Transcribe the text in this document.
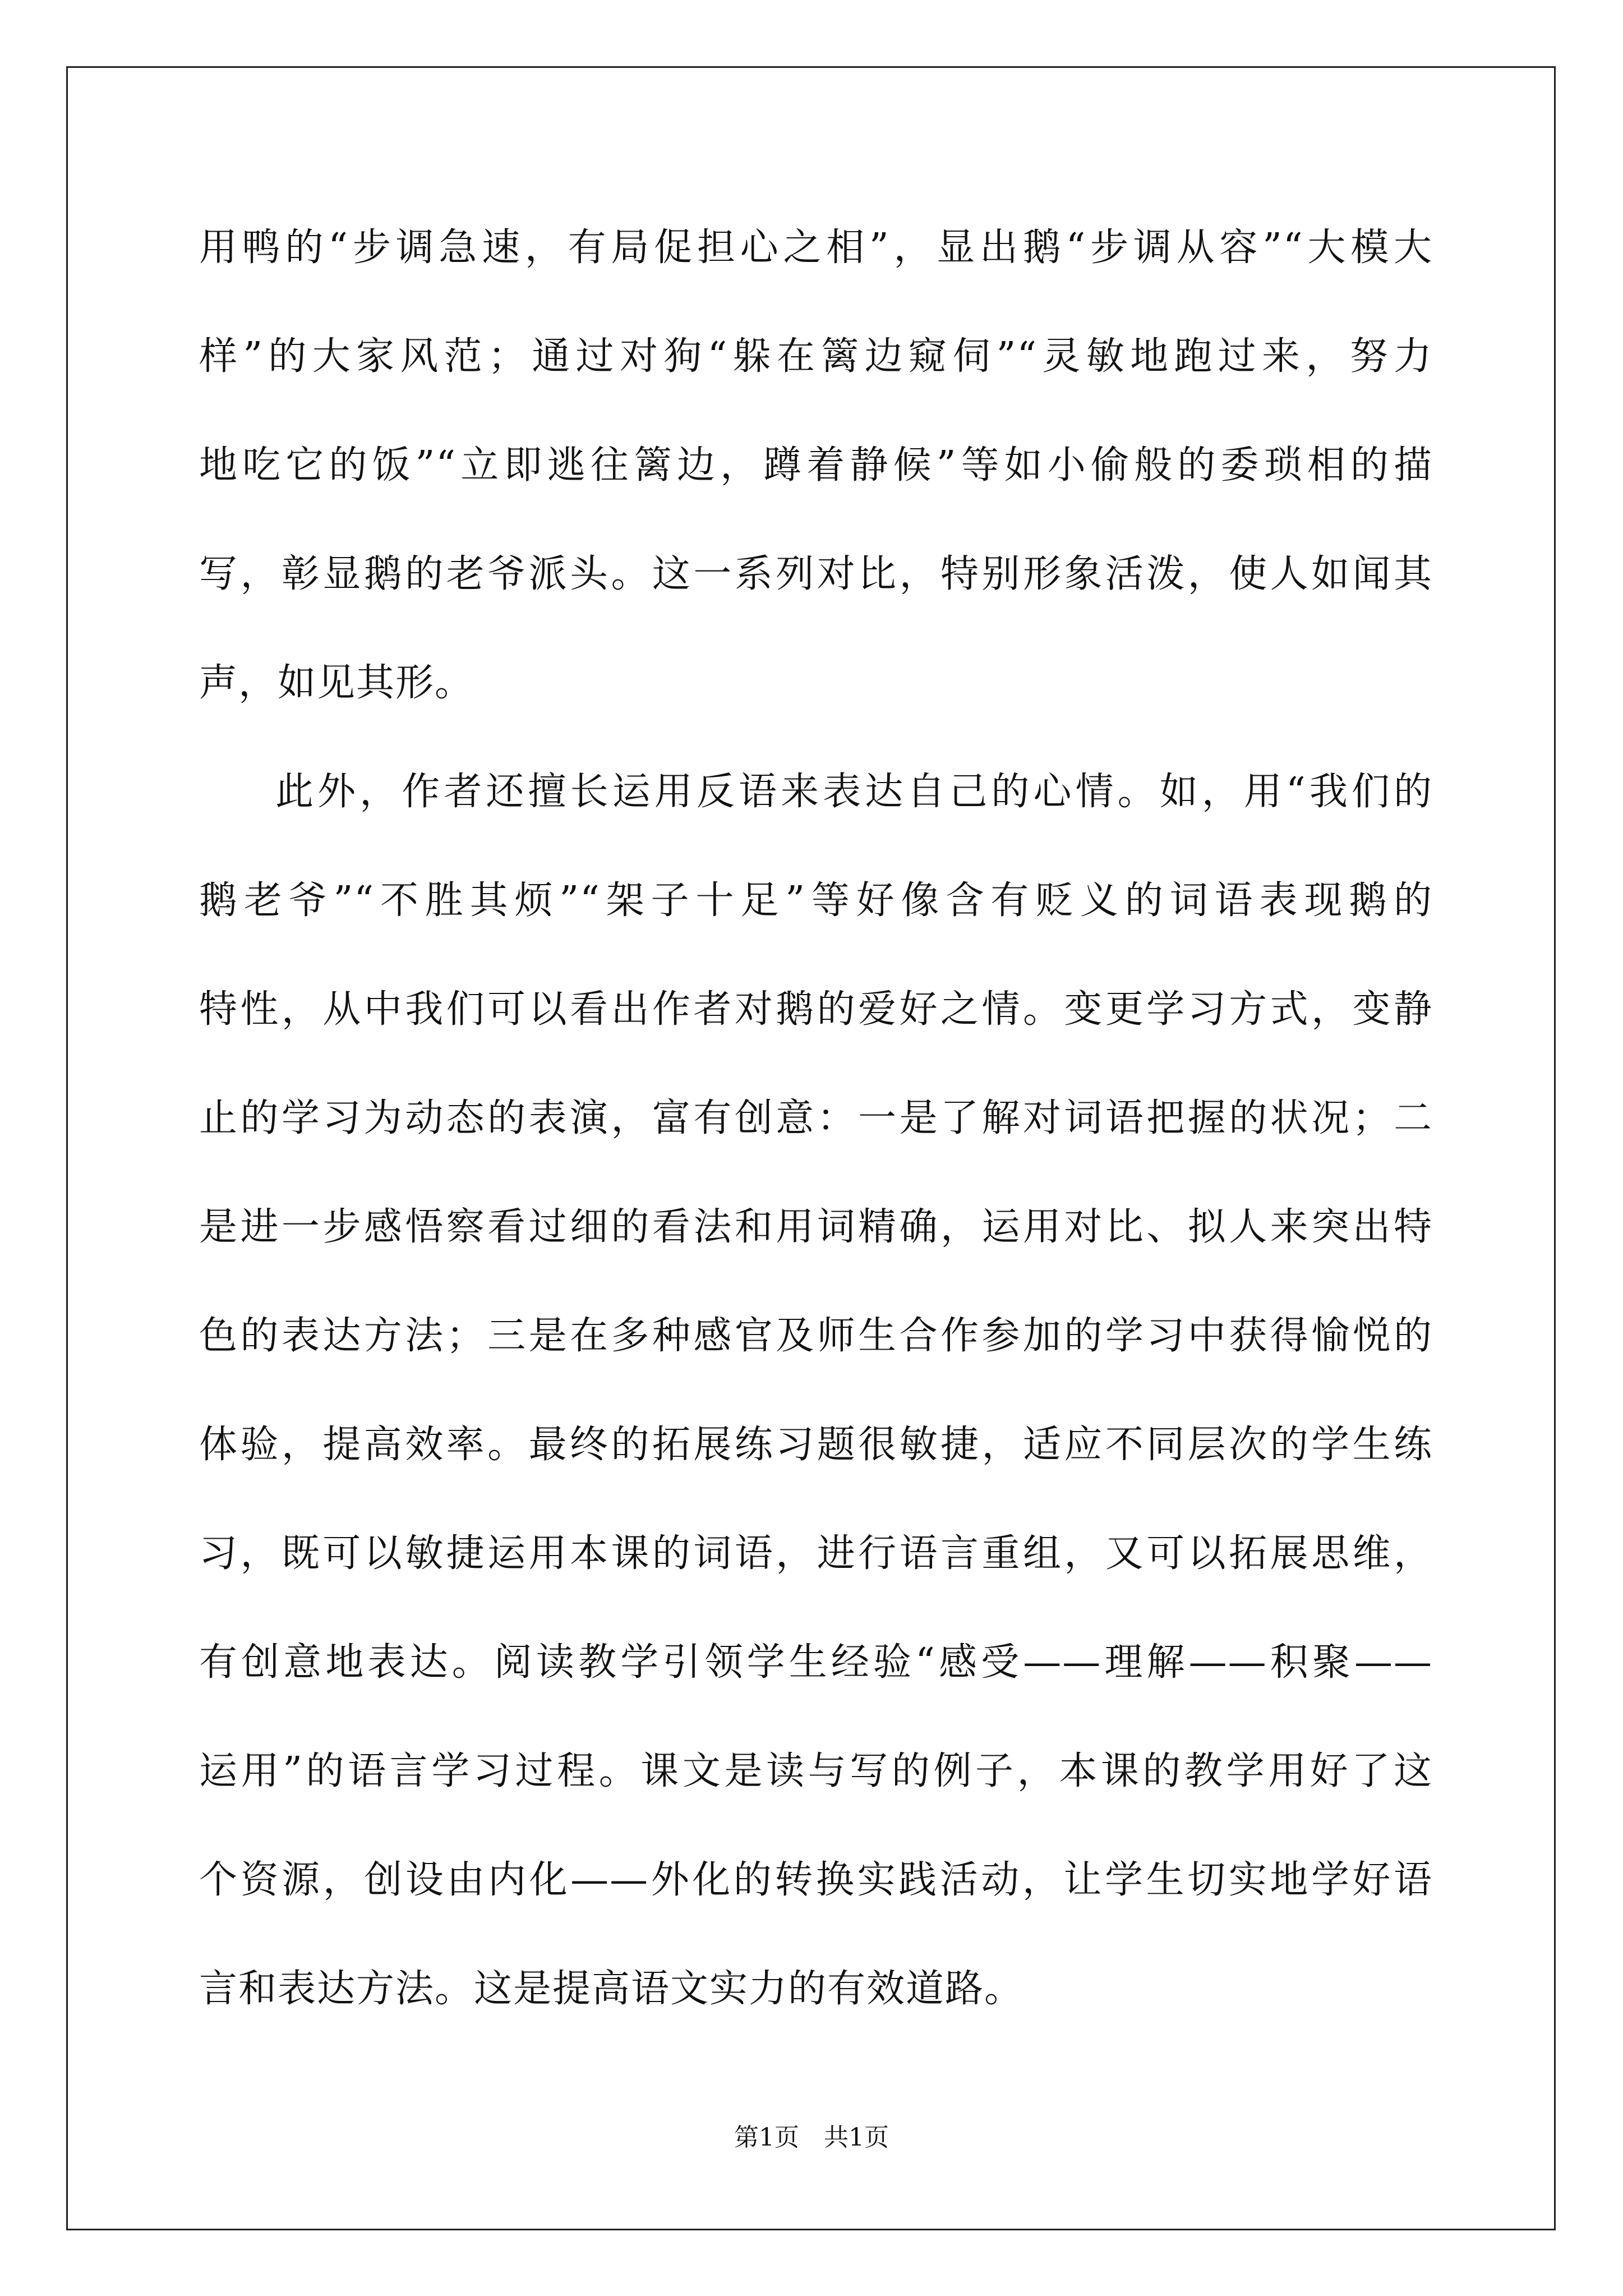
用鸭的“步调急速，有局促担心之相”，显出鹅“步调从容”“大模大
样”的大家风范；通过对狗“躲在篱边窥伺”“灵敏地跑过来，努力
地吃它的饭”“立即逃往篱边，蹲着静候”等如小偷般的委琐相的描
写，彰显鹅的老爷派头。这一系列对比，特别形象活泼，使人如闻其
声，如见其形。
此外，作者还擅长运用反语来表达自己的心情。如，用“我们的
鹅老爷”“不胜其烦”“架子十足”等好像含有贬义的词语表现鹅的
特性，从中我们可以看出作者对鹅的爱好之情。变更学习方式，变静
止的学习为动态的表演，富有创意：一是了解对词语把握的状况；二
是进一步感悟察看过细的看法和用词精确，运用对比、拟人来突出特
色的表达方法；三是在多种感官及师生合作参加的学习中获得愉悦的
体验，提高效率。最终的拓展练习题很敏捷，适应不同层次的学生练
习，既可以敏捷运用本课的词语，进行语言重组，又可以拓展思维，
有创意地表达。阅读教学引领学生经验“感受——理解——积聚——
运用”的语言学习过程。课文是读与写的例子，本课的教学用好了这
个资源，创设由内化——外化的转换实践活动，让学生切实地学好语
言和表达方法。这是提高语文实力的有效道路。
第1页　共1页
